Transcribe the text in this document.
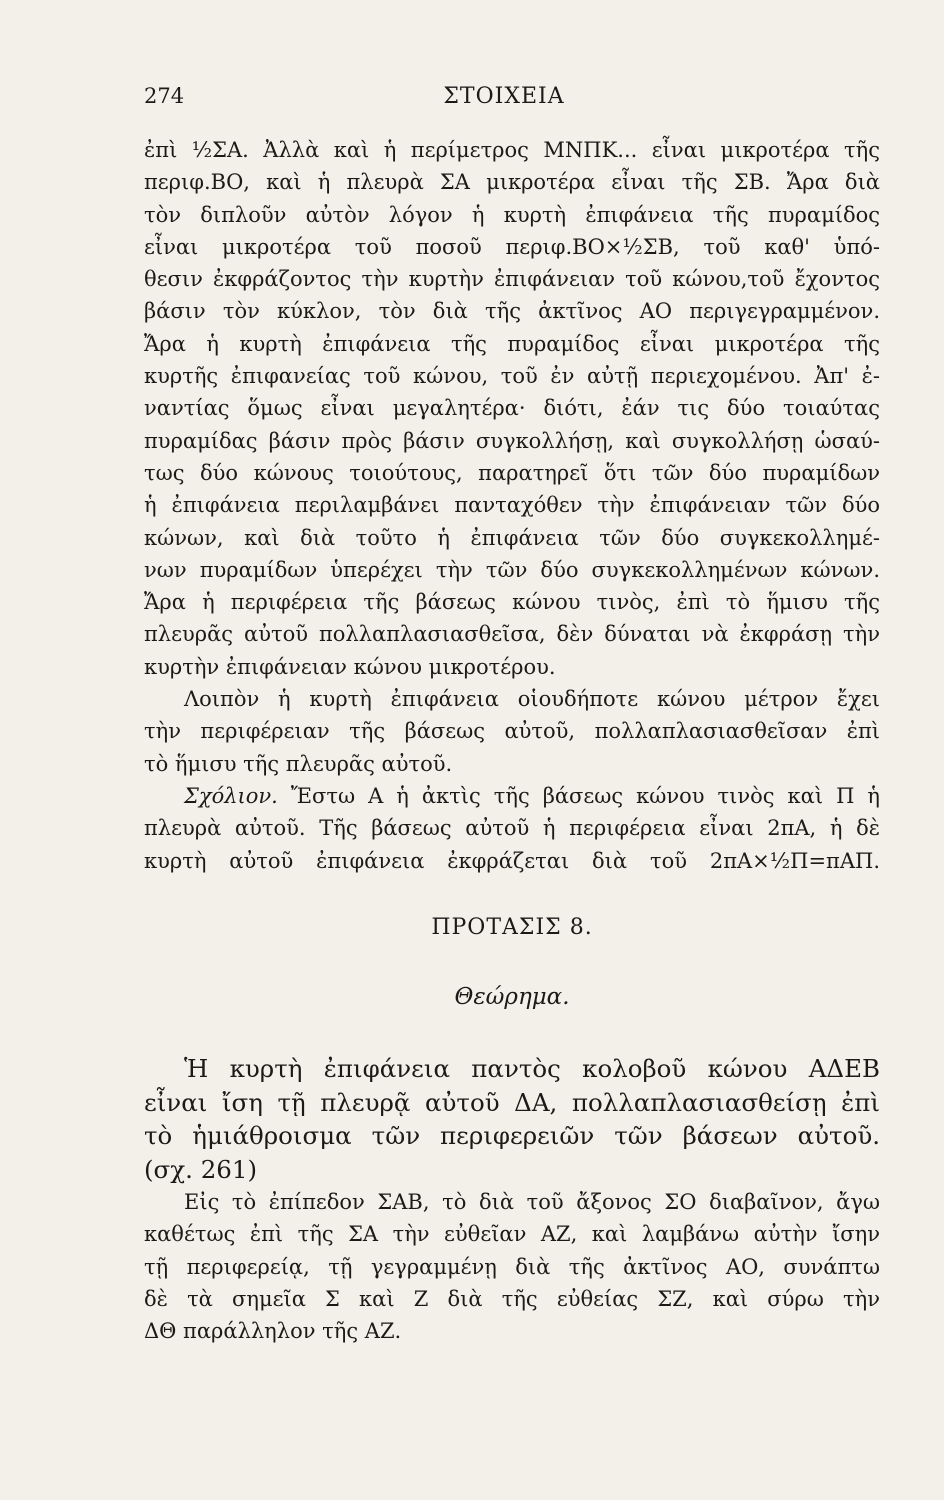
274	ΣΤΟΙΧΕΙΑ
ἐπὶ ½ΣΑ. Ἀλλὰ καὶ ἡ περίμετρος ΜΝΠΚ... εἶναι μικροτέρα τῆς
περιφ.ΒΟ, καὶ ἡ πλευρὰ ΣΑ μικροτέρα εἶναι τῆς ΣΒ. Ἄρα διὰ
τὸν διπλοῦν αὐτὸν λόγον ἡ κυρτὴ ἐπιφάνεια τῆς πυραμίδος
εἶναι μικροτέρα τοῦ ποσοῦ περιφ.ΒΟ×½ΣΒ, τοῦ καθ' ὑπό-
θεσιν ἐκφράζοντος τὴν κυρτὴν ἐπιφάνειαν τοῦ κώνου,τοῦ ἔχοντος
βάσιν τὸν κύκλον, τὸν διὰ τῆς ἀκτῖνος ΑΟ περιγεγραμμένον.
Ἄρα ἡ κυρτὴ ἐπιφάνεια τῆς πυραμίδος εἶναι μικροτέρα τῆς
κυρτῆς ἐπιφανείας τοῦ κώνου, τοῦ ἐν αὐτῇ περιεχομένου. Ἀπ' ἐ-
ναντίας ὅμως εἶναι μεγαλητέρα· διότι, ἐάν τις δύο τοιαύτας
πυραμίδας βάσιν πρὸς βάσιν συγκολλήσῃ, καὶ συγκολλήσῃ ὡσαύ-
τως δύο κώνους τοιούτους, παρατηρεῖ ὅτι τῶν δύο πυραμίδων
ἡ ἐπιφάνεια περιλαμβάνει πανταχόθεν τὴν ἐπιφάνειαν τῶν δύο
κώνων, καὶ διὰ τοῦτο ἡ ἐπιφάνεια τῶν δύο συγκεκολλημέ-
νων πυραμίδων ὑπερέχει τὴν τῶν δύο συγκεκολλημένων κώνων.
Ἄρα ἡ περιφέρεια τῆς βάσεως κώνου τινὸς, ἐπὶ τὸ ἥμισυ τῆς
πλευρᾶς αὐτοῦ πολλαπλασιασθεῖσα, δὲν δύναται νὰ ἐκφράσῃ τὴν
κυρτὴν ἐπιφάνειαν κώνου μικροτέρου.
Λοιπὸν ἡ κυρτὴ ἐπιφάνεια οἱουδήποτε κώνου μέτρον ἔχει
τὴν περιφέρειαν τῆς βάσεως αὐτοῦ, πολλαπλασιασθεῖσαν ἐπὶ
τὸ ἥμισυ τῆς πλευρᾶς αὐτοῦ.
Σχόλιον. Ἔστω Α ἡ ἀκτὶς τῆς βάσεως κώνου τινὸς καὶ Π ἡ
πλευρὰ αὐτοῦ. Τῆς βάσεως αὐτοῦ ἡ περιφέρεια εἶναι 2πΑ, ἡ δὲ
κυρτὴ αὐτοῦ ἐπιφάνεια ἐκφράζεται διὰ τοῦ 2πΑ×½Π=πΑΠ.
ΠΡΟΤΑΣΙΣ 8.
Θεώρημα.
Ἡ κυρτὴ ἐπιφάνεια παντὸς κολοβοῦ κώνου ΑΔΕΒ
εἶναι ἴση τῇ πλευρᾷ αὐτοῦ ΔΑ, πολλαπλασιασθείσῃ ἐπὶ
τὸ ἡμιάθροισμα τῶν περιφερειῶν τῶν βάσεων αὐτοῦ.
(σχ. 261)
Εἰς τὸ ἐπίπεδον ΣΑΒ, τὸ διὰ τοῦ ἄξονος ΣΟ διαβαῖνον, ἄγω
καθέτως ἐπὶ τῆς ΣΑ τὴν εὐθεῖαν ΑΖ, καὶ λαμβάνω αὐτὴν ἴσην
τῇ περιφερείᾳ, τῇ γεγραμμένῃ διὰ τῆς ἀκτῖνος ΑΟ, συνάπτω
δὲ τὰ σημεῖα Σ καὶ Ζ διὰ τῆς εὐθείας ΣΖ, καὶ σύρω τὴν
ΔΘ παράλληλον τῆς ΑΖ.
